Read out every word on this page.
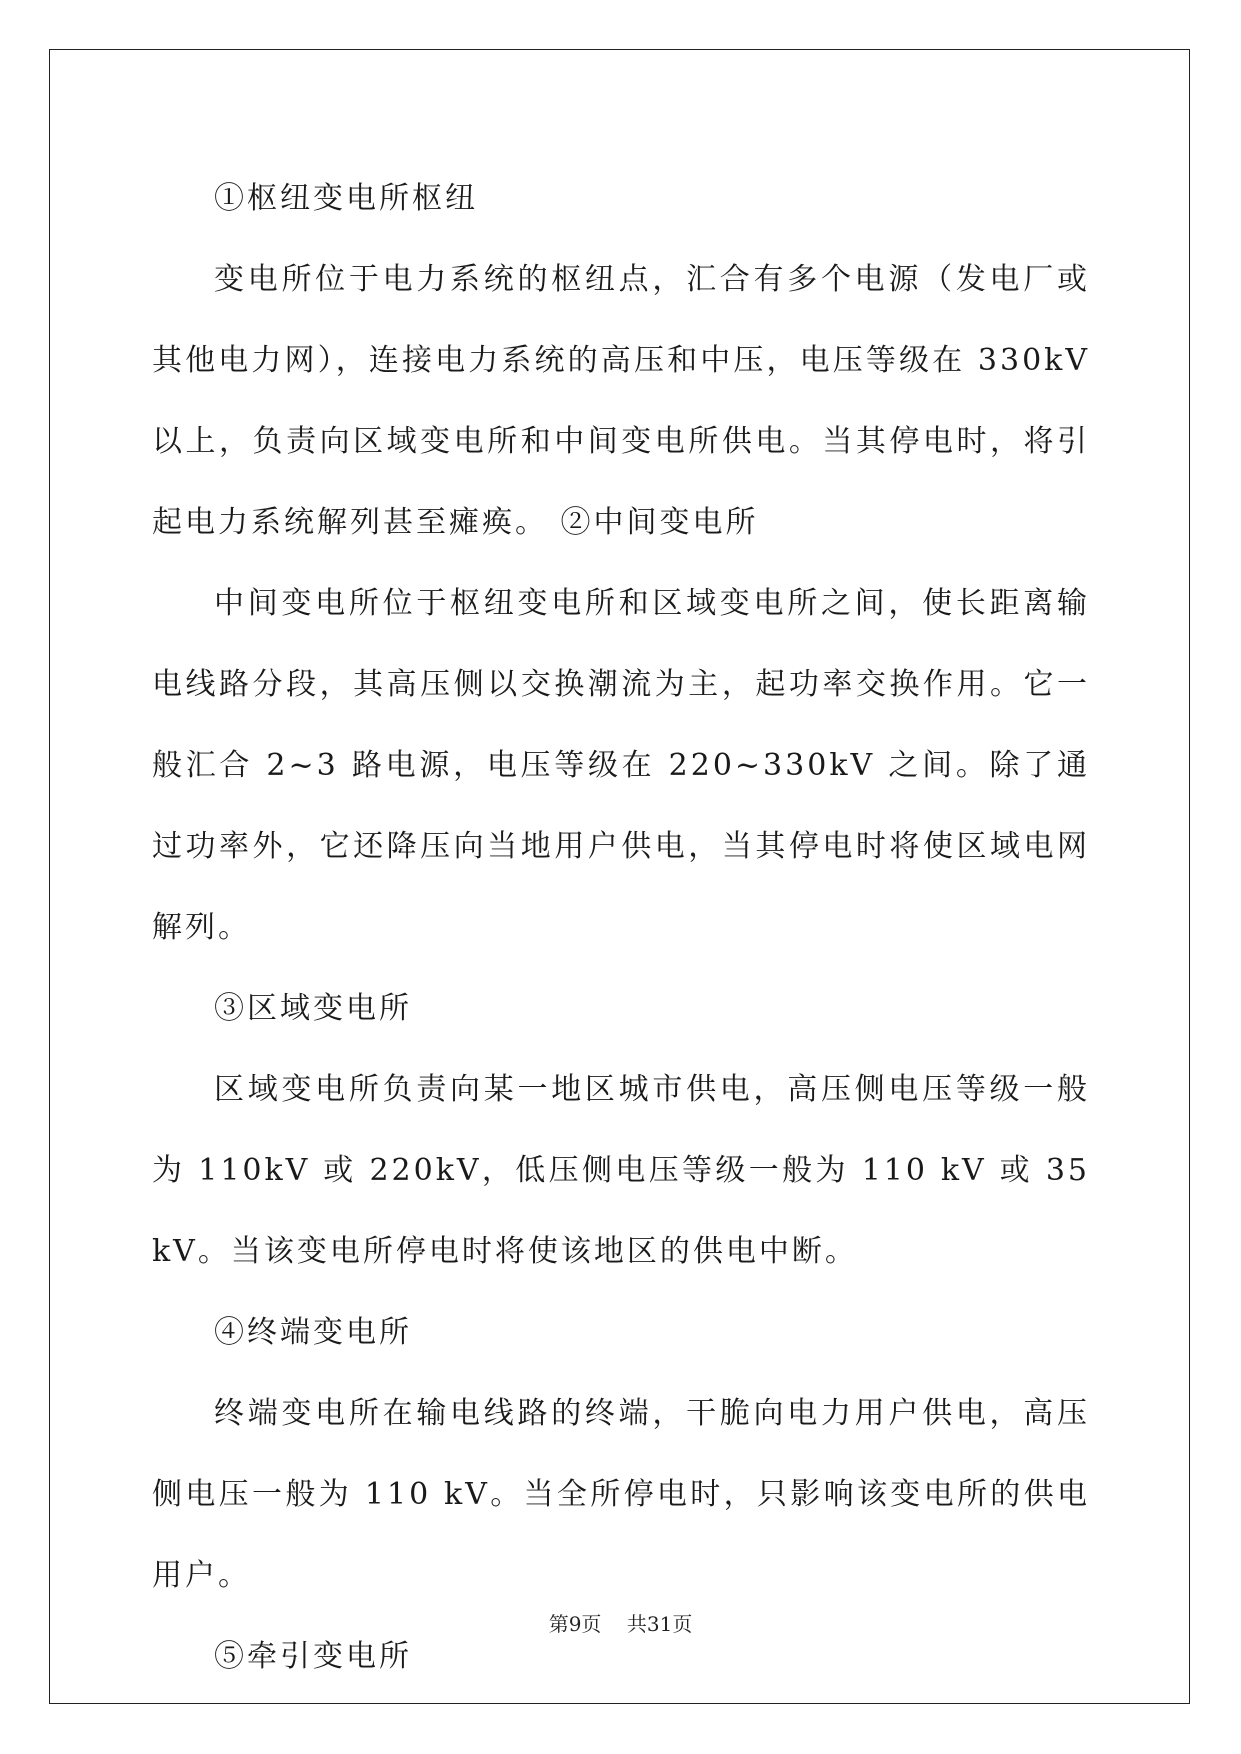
①枢纽变电所枢纽

变电所位于电力系统的枢纽点，汇合有多个电源（发电厂或其他电力网），连接电力系统的高压和中压，电压等级在 330kV 以上，负责向区域变电所和中间变电所供电。当其停电时，将引起电力系统解列甚至瘫痪。 ②中间变电所

中间变电所位于枢纽变电所和区域变电所之间，使长距离输电线路分段，其高压侧以交换潮流为主，起功率交换作用。它一般汇合 2~3 路电源，电压等级在 220~330kV 之间。除了通过功率外，它还降压向当地用户供电，当其停电时将使区域电网解列。

③区域变电所

区域变电所负责向某一地区城市供电，高压侧电压等级一般为 110kV 或 220kV，低压侧电压等级一般为 110 kV 或 35 kV。当该变电所停电时将使该地区的供电中断。

④终端变电所

终端变电所在输电线路的终端，干脆向电力用户供电，高压侧电压一般为 110 kV。当全所停电时，只影响该变电所的供电用户。

⑤牵引变电所

第9页 共31页
